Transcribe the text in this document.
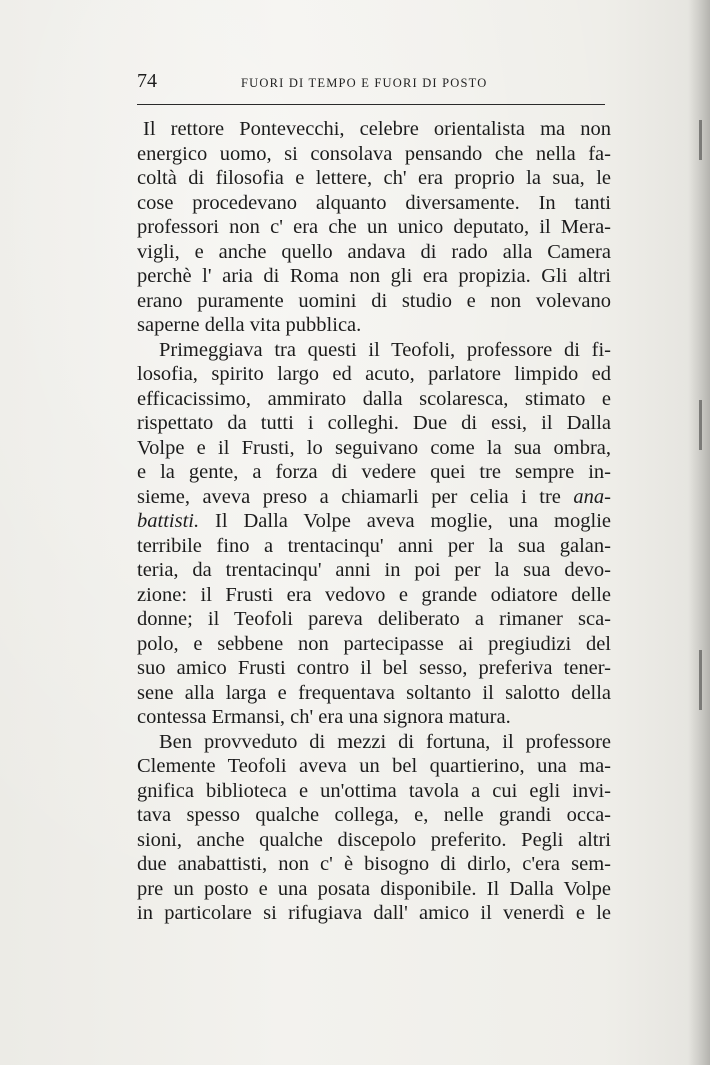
74	FUORI DI TEMPO E FUORI DI POSTO
Il rettore Pontevecchi, celebre orientalista ma non
energico uomo, si consolava pensando che nella fa-
coltà di filosofia e lettere, ch' era proprio la sua, le
cose procedevano alquanto diversamente. In tanti
professori non c' era che un unico deputato, il Mera-
vigli, e anche quello andava di rado alla Camera
perchè l' aria di Roma non gli era propizia. Gli altri
erano puramente uomini di studio e non volevano
saperne della vita pubblica.
Primeggiava tra questi il Teofoli, professore di fi-
losofia, spirito largo ed acuto, parlatore limpido ed
efficacissimo, ammirato dalla scolaresca, stimato e
rispettato da tutti i colleghi. Due di essi, il Dalla
Volpe e il Frusti, lo seguivano come la sua ombra,
e la gente, a forza di vedere quei tre sempre in-
sieme, aveva preso a chiamarli per celia i tre ana-
battisti. Il Dalla Volpe aveva moglie, una moglie
terribile fino a trentacinqu' anni per la sua galan-
teria, da trentacinqu' anni in poi per la sua devo-
zione: il Frusti era vedovo e grande odiatore delle
donne; il Teofoli pareva deliberato a rimaner sca-
polo, e sebbene non partecipasse ai pregiudizi del
suo amico Frusti contro il bel sesso, preferiva tener-
sene alla larga e frequentava soltanto il salotto della
contessa Ermansi, ch' era una signora matura.
Ben provveduto di mezzi di fortuna, il professore
Clemente Teofoli aveva un bel quartierino, una ma-
gnifica biblioteca e un'ottima tavola a cui egli invi-
tava spesso qualche collega, e, nelle grandi occa-
sioni, anche qualche discepolo preferito. Pegli altri
due anabattisti, non c' è bisogno di dirlo, c'era sem-
pre un posto e una posata disponibile. Il Dalla Volpe
in particolare si rifugiava dall' amico il venerdì e le
